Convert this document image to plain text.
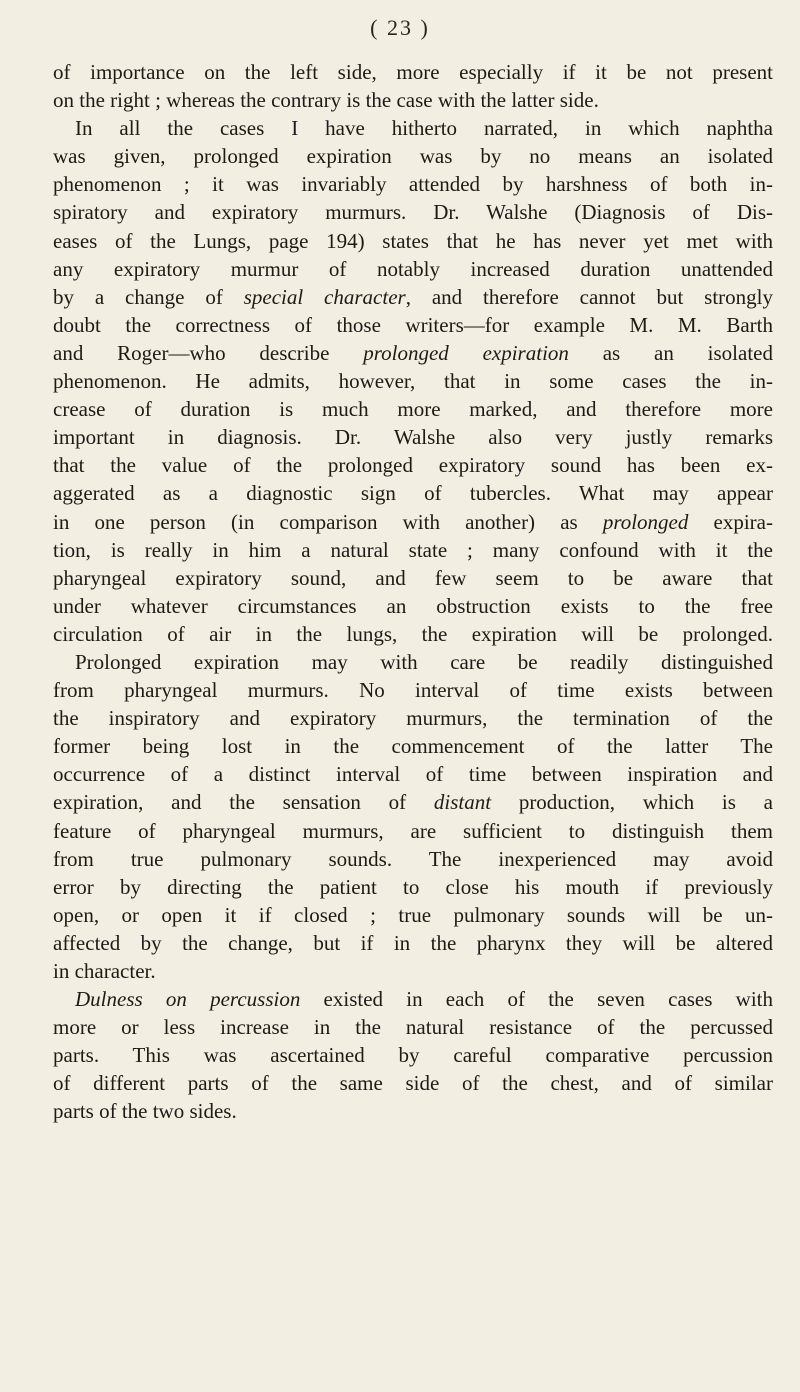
( 23 )
of importance on the left side, more especially if it be not present
on the right ; whereas the contrary is the case with the latter side.
In all the cases I have hitherto narrated, in which naphtha
was given, prolonged expiration was by no means an isolated
phenomenon ; it was invariably attended by harshness of both in-
spiratory and expiratory murmurs. Dr. Walshe (Diagnosis of Dis-
eases of the Lungs, page 194) states that he has never yet met with
any expiratory murmur of notably increased duration unattended
by a change of special character, and therefore cannot but strongly
doubt the correctness of those writers—for example M. M. Barth
and Roger—who describe prolonged expiration as an isolated
phenomenon. He admits, however, that in some cases the in-
crease of duration is much more marked, and therefore more
important in diagnosis. Dr. Walshe also very justly remarks
that the value of the prolonged expiratory sound has been ex-
aggerated as a diagnostic sign of tubercles. What may appear
in one person (in comparison with another) as prolonged expira-
tion, is really in him a natural state ; many confound with it the
pharyngeal expiratory sound, and few seem to be aware that
under whatever circumstances an obstruction exists to the free
circulation of air in the lungs, the expiration will be prolonged.
Prolonged expiration may with care be readily distinguished
from pharyngeal murmurs. No interval of time exists between
the inspiratory and expiratory murmurs, the termination of the
former being lost in the commencement of the latter The
occurrence of a distinct interval of time between inspiration and
expiration, and the sensation of distant production, which is a
feature of pharyngeal murmurs, are sufficient to distinguish them
from true pulmonary sounds. The inexperienced may avoid
error by directing the patient to close his mouth if previously
open, or open it if closed ; true pulmonary sounds will be un-
affected by the change, but if in the pharynx they will be altered
in character.
Dulness on percussion existed in each of the seven cases with
more or less increase in the natural resistance of the percussed
parts. This was ascertained by careful comparative percussion
of different parts of the same side of the chest, and of similar
parts of the two sides.
